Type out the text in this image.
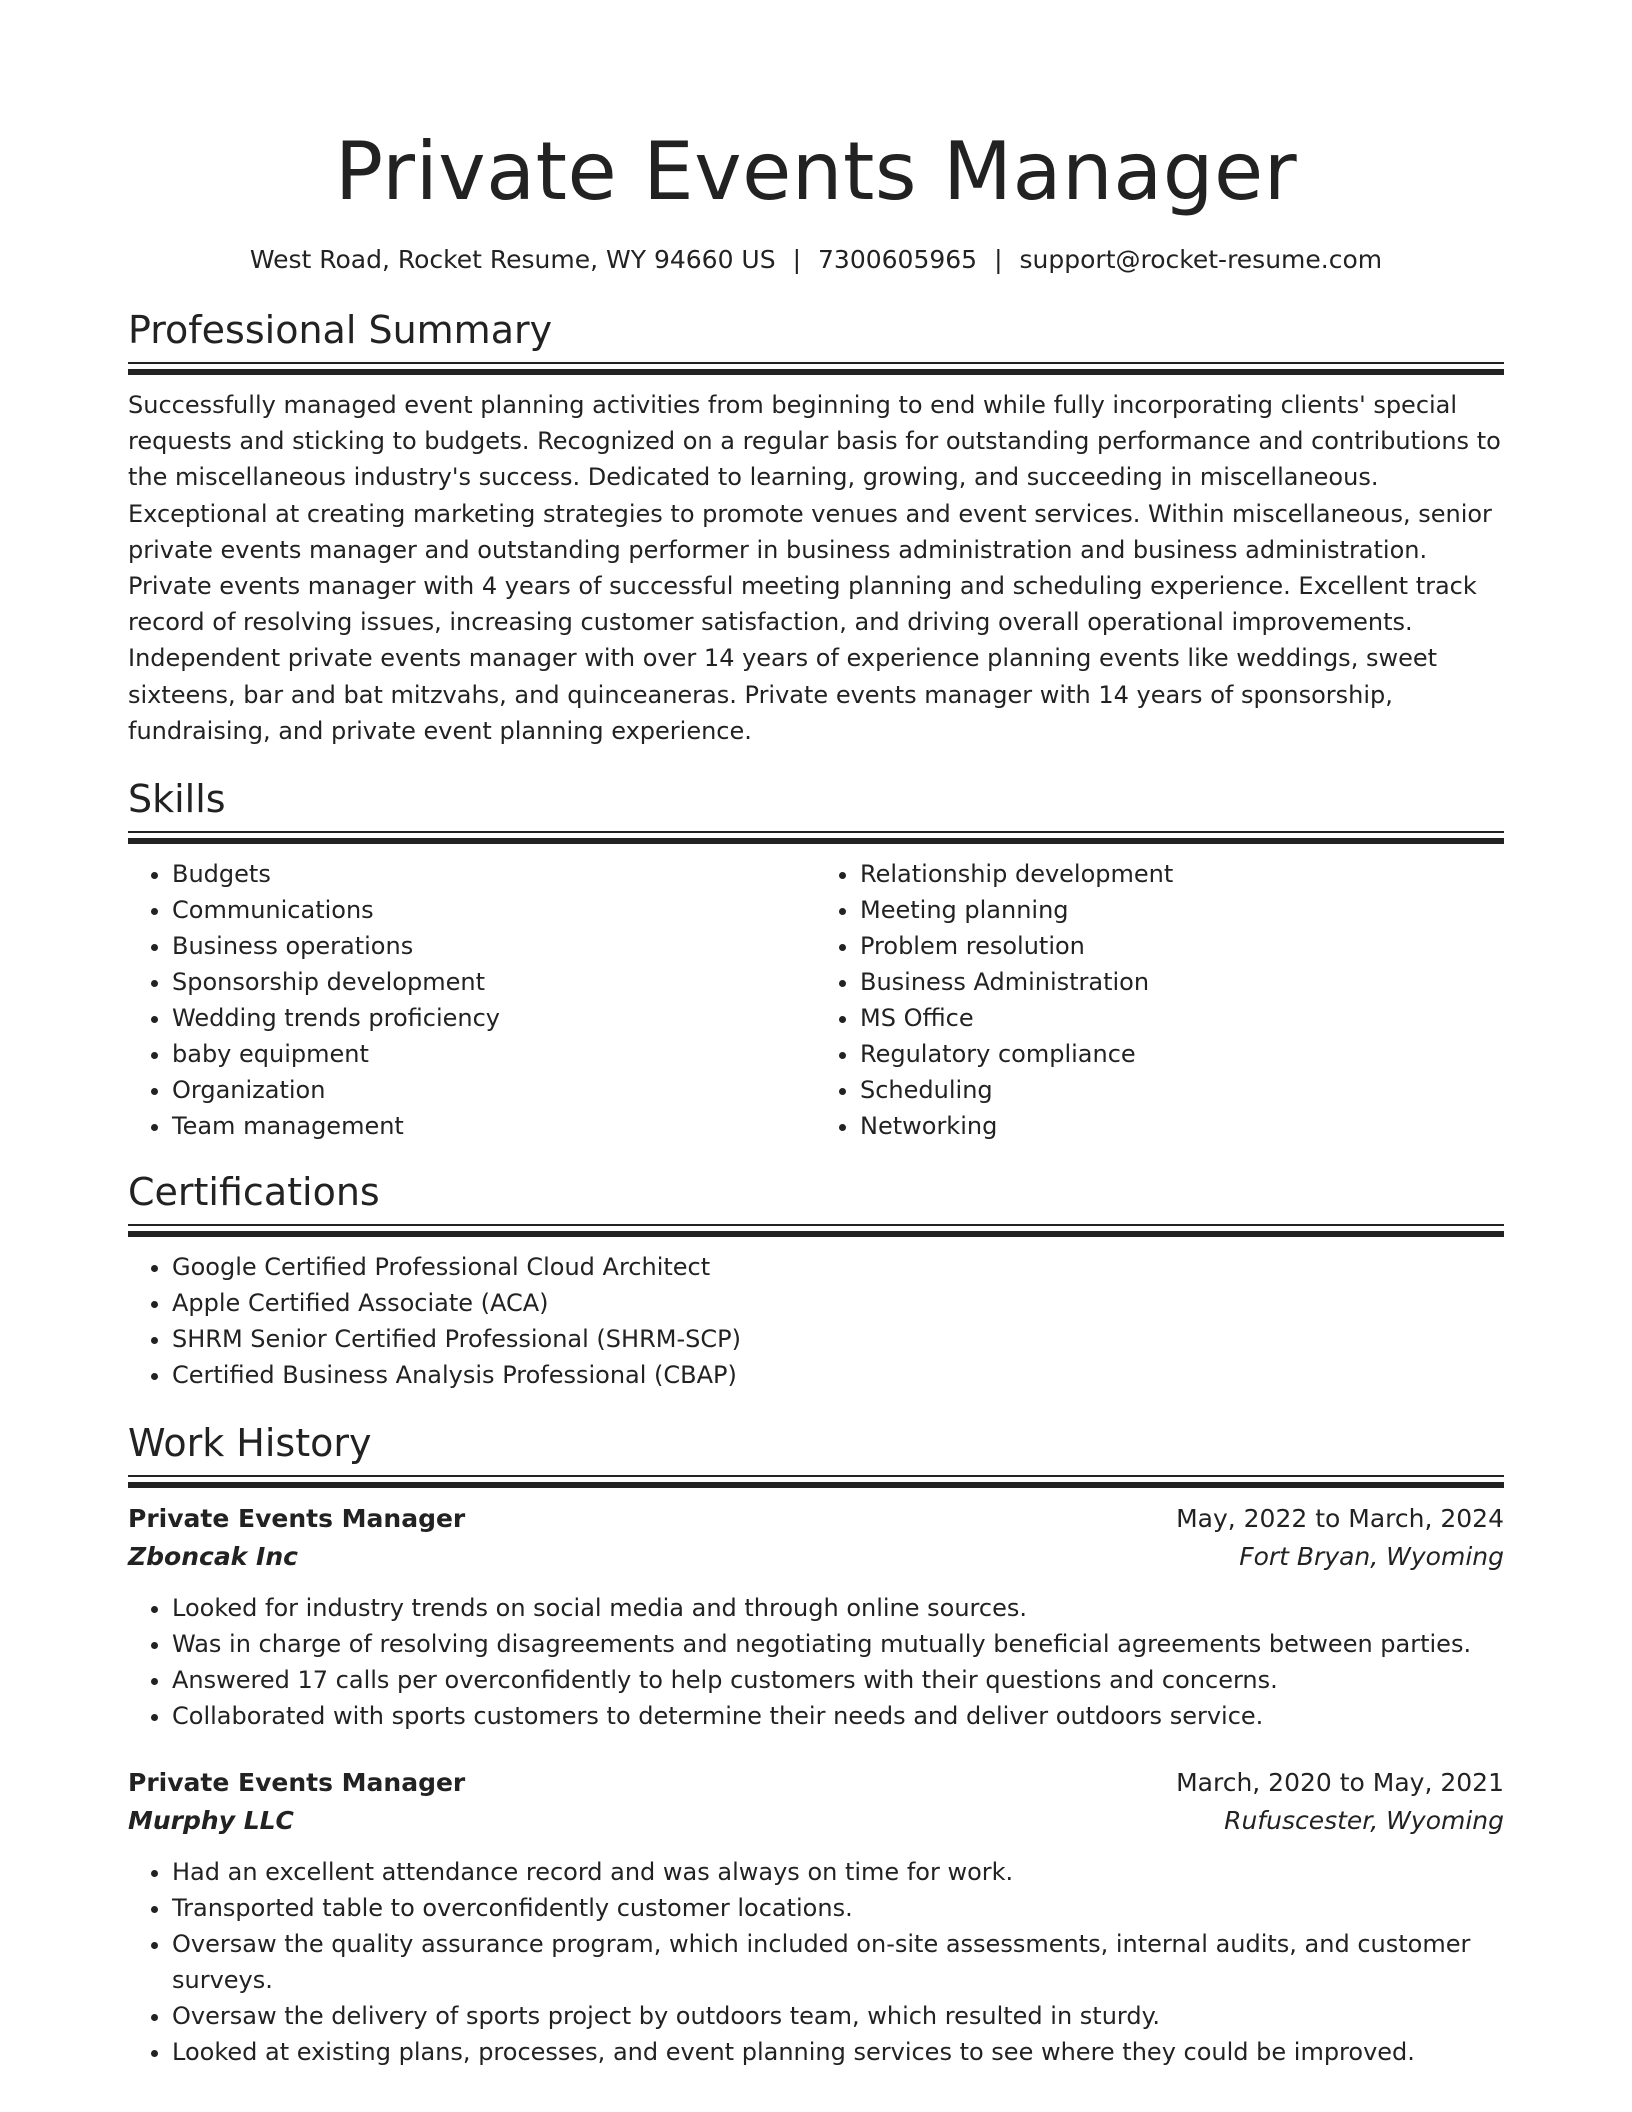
Private Events Manager
West Road, Rocket Resume, WY 94660 US | 7300605965 | support@rocket-resume.com
Professional Summary

Successfully managed event planning activities from beginning to end while fully incorporating clients' special requests and sticking to budgets. Recognized on a regular basis for outstanding performance and contributions to the miscellaneous industry's success. Dedicated to learning, growing, and succeeding in miscellaneous. Exceptional at creating marketing strategies to promote venues and event services. Within miscellaneous, senior private events manager and outstanding performer in business administration and business administration. Private events manager with 4 years of successful meeting planning and scheduling experience. Excellent track record of resolving issues, increasing customer satisfaction, and driving overall operational improvements. Independent private events manager with over 14 years of experience planning events like weddings, sweet sixteens, bar and bat mitzvahs, and quinceaneras. Private events manager with 14 years of sponsorship, fundraising, and private event planning experience.

Skills
• Budgets
• Communications
• Business operations
• Sponsorship development
• Wedding trends proficiency
• baby equipment
• Organization
• Team management
• Relationship development
• Meeting planning
• Problem resolution
• Business Administration
• MS Office
• Regulatory compliance
• Scheduling
• Networking
Certifications
• Google Certified Professional Cloud Architect
• Apple Certified Associate (ACA)
• SHRM Senior Certified Professional (SHRM-SCP)
• Certified Business Analysis Professional (CBAP)
Work History
Private Events Manager	May, 2022 to March, 2024
Zboncak Inc	Fort Bryan, Wyoming
• Looked for industry trends on social media and through online sources.
• Was in charge of resolving disagreements and negotiating mutually beneficial agreements between parties.
• Answered 17 calls per overconfidently to help customers with their questions and concerns.
• Collaborated with sports customers to determine their needs and deliver outdoors service.
Private Events Manager	March, 2020 to May, 2021
Murphy LLC	Rufuscester, Wyoming
• Had an excellent attendance record and was always on time for work.
• Transported table to overconfidently customer locations.
• Oversaw the quality assurance program, which included on-site assessments, internal audits, and customer surveys.
• Oversaw the delivery of sports project by outdoors team, which resulted in sturdy.
• Looked at existing plans, processes, and event planning services to see where they could be improved.
